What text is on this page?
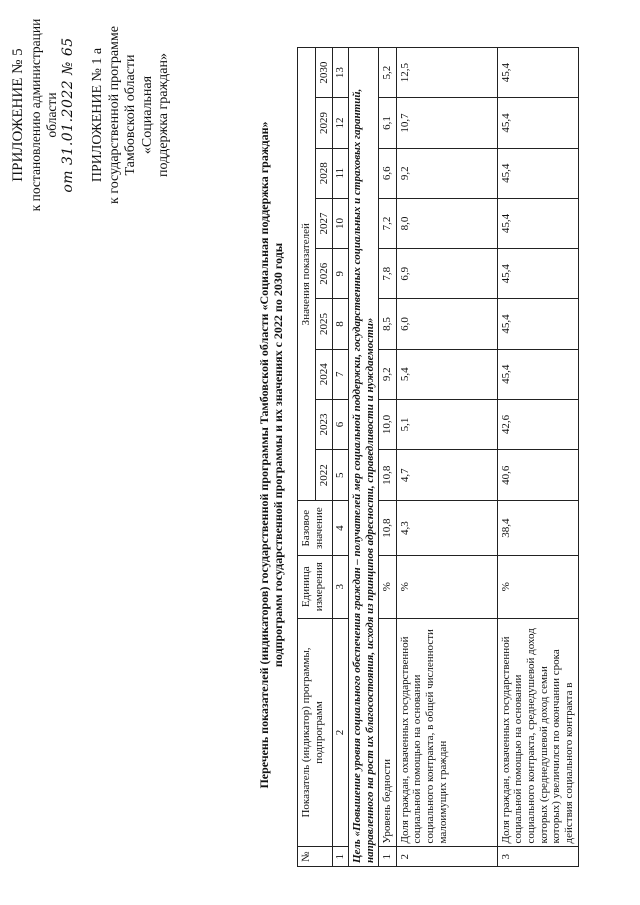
ПРИЛОЖЕНИЕ № 5 к постановлению администрации области от 31.01.2022 № 65 ПРИЛОЖЕНИЕ № 1 а к государственной программе Тамбовской области «Социальная поддержка граждан»
Перечень показателей (индикаторов) государственной программы Тамбовской области «Социальная поддержка граждан» подпрограмм государственной программы и их значениях с 2022 по 2030 годы
№	Показатель (индикатор) программы, подпрограмм	Единица измерения	Базовое значение	Значения показателей								
				2022	2023	2024	2025	2026	2027	2028	2029	2030
1	2	3	4	5	6	7	8	9	10	11	12	13
Цель «Повышение уровня социального обеспечения граждан – получателей мер социальной поддержки, государственных социальных и страховых гарантий, направленного на рост их благосостояния, исходя из принципов адресности, справедливости и нуждаемости»												
1	Уровень бедности	%	10,8	10,8	10,0	9,2	8,5	7,8	7,2	6,6	6,1	5,2
2	Доля граждан, охваченных государственной социальной помощью на основании социального контракта, в общей численности малоимущих граждан	%	4,3	4,7	5,1	5,4	6,0	6,9	8,0	9,2	10,7	12,5
3	Доля граждан, охваченных государственной социальной помощью на основании социального контракта, среднедушевой доход которых (среднедушевой доход семьи которых) увеличился по окончании срока действия социального контракта в	%	38,4	40,6	42,6	45,4	45,4	45,4	45,4	45,4	45,4	45,4
